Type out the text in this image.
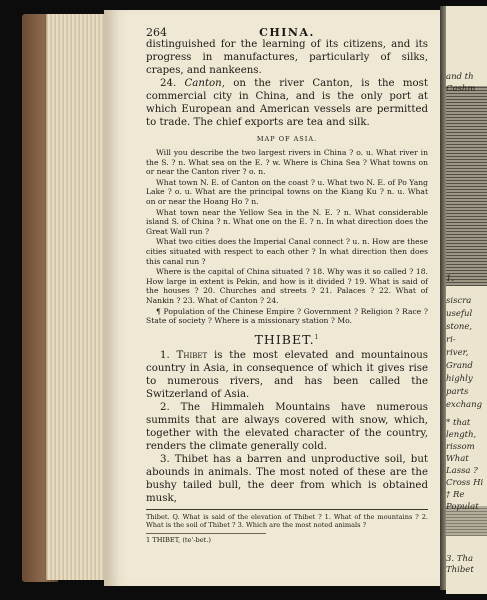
264	CHINA.

distinguished for the learning of its citizens, and its progress in manufactures, particularly of silks, crapes, and nankeens.

24. Canton, on the river Canton, is the most commercial city in China, and is the only port at which European and American vessels are permitted to trade. The chief exports are tea and silk.

MAP OF ASIA.

Will you describe the two largest rivers in China ? o. u. What river in the S. ? n. What sea on the E. ? w. Where is China Sea ? What towns on or near the Canton river ? o. n.

What town N. E. of Canton on the coast ? u. What two N. E. of Po Yang Lake ? o. u. What are the principal towns on the Kiang Ku ? n. u. What on or near the Hoang Ho ? n.

What town near the Yellow Sea in the N. E. ? n. What considerable island S. of China ? n. What one on the E. ? n. In what direction does the Great Wall run ?

What two cities does the Imperial Canal connect ? u. n. How are these cities situated with respect to each other ? In what direction then does this canal run ?

Where is the capital of China situated ? 18. Why was it so called ? 18. How large in extent is Pekin, and how is it divided ? 19. What is said of the houses ? 20. Churches and streets ? 21. Palaces ? 22. What of Nankin ? 23. What of Canton ? 24.

¶ Population of the Chinese Empire ? Government ? Religion ? Race ? State of society ? Where is a missionary station ? Mo.

THIBET.$^1$

1. Thibet is the most elevated and mountainous country in Asia, in consequence of which it gives rise to numerous rivers, and has been called the Switzerland of Asia.

2. The Himmaleh Mountains have numerous summits that are always covered with snow, which, together with the elevated character of the country, renders the climate generally cold.

3. Thibet has a barren and unproductive soil, but abounds in animals. The most noted of these are the bushy tailed bull, the deer from which is obtained musk,

Thibet. Q. What is said of the elevation of Thibet ? 1. What of the mountains ? 2. What is the soil of Thibet ? 3. Which are the most noted animals ?

1 THIBET, (te'-bet.)
and th
Cashm
1.
siscra
useful
stone,
ri-
river,
Grand
highly
parts
exchang
* that
length,
rissom
What
Lassa ?
Cross Hi
† Re
Populat
3. Tha
Thibet
